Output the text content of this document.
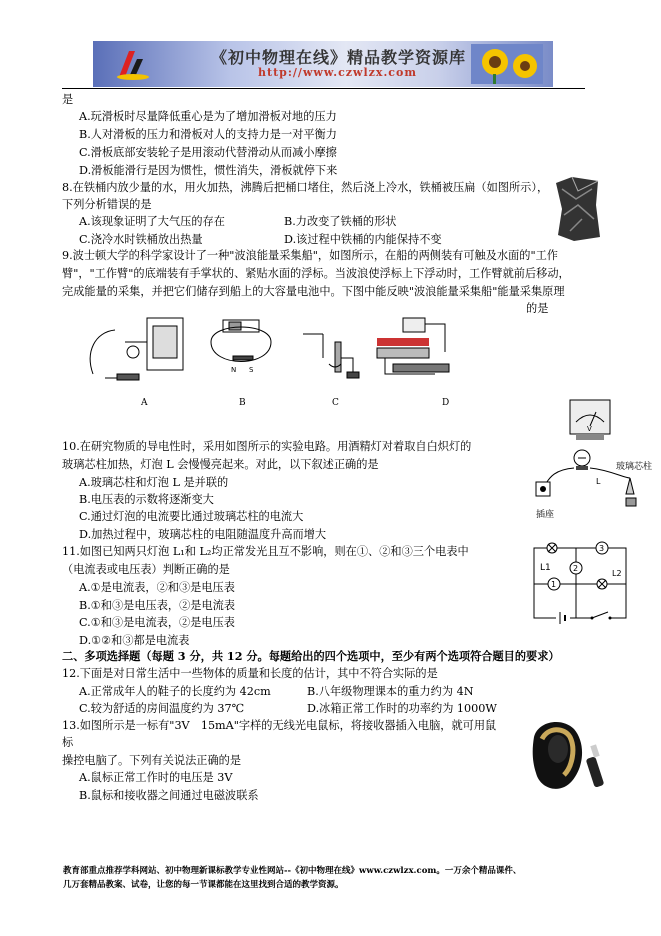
《初中物理在线》精品教学资源库
http://www.czwlzx.com
是
A.玩滑板时尽量降低重心是为了增加滑板对地的压力
B.人对滑板的压力和滑板对人的支持力是一对平衡力
C.滑板底部安装轮子是用滚动代替滑动从而减小摩擦
D.滑板能滑行是因为惯性，惯性消失，滑板就停下来
8.在铁桶内放少量的水，用火加热，沸腾后把桶口堵住，然后浇上冷水，铁桶被压扁（如图所示），
下列分析错误的是
A.该现象证明了大气压的存在	B.力改变了铁桶的形状
C.浇冷水时铁桶放出热量	D.该过程中铁桶的内能保持不变
9.波士顿大学的科学家设计了一种"波浪能量采集船"，如图所示，在船的两侧装有可触及水面的"工作
臂"，"工作臂"的底端装有手掌状的、紧贴水面的浮标。当波浪使浮标上下浮动时，工作臂就前后移动，
完成能量的采集，并把它们储存到船上的大容量电池中。下图中能反映"波浪能量采集船"能量采集原理
的是
N S
A	B	C	D
10.在研究物质的导电性时，采用如图所示的实验电路。用酒精灯对着取自白炽灯的
玻璃芯柱加热，灯泡 L 会慢慢亮起来。对此，以下叙述正确的是
A.玻璃芯柱和灯泡 L 是并联的
B.电压表的示数将逐渐变大
C.通过灯泡的电流要比通过玻璃芯柱的电流大
D.加热过程中，玻璃芯柱的电阻随温度升高而增大
V
L
玻璃芯柱
插座
11.如图已知两只灯泡 L₁和 L₂均正常发光且互不影响，则在①、②和③三个电表中
（电流表或电压表）判断正确的是
A.①是电流表，②和③是电压表
B.①和③是电压表，②是电流表
C.①和③是电流表，②是电压表
D.①②和③都是电流表
3
2
1
L1
L2
二、多项选择题（每题 3 分，共 12 分。每题给出的四个选项中，至少有两个选项符合题目的要求）
12.下面是对日常生活中一些物体的质量和长度的估计，其中不符合实际的是
A.正常成年人的鞋子的长度约为 42cm	B.八年级物理课本的重力约为 4N
C.较为舒适的房间温度约为 37℃	D.冰箱正常工作时的功率约为 1000W
13.如图所示是一标有"3V　15mA"字样的无线光电鼠标，将接收器插入电脑，就可用鼠
标
操控电脑了。下列有关说法正确的是
A.鼠标正常工作时的电压是 3V
B.鼠标和接收器之间通过电磁波联系
教育部重点推荐学科网站、初中物理新课标教学专业性网站--《初中物理在线》www.czwlzx.com。一万余个精品课件、
几万套精品教案、试卷，让您的每一节课都能在这里找到合适的教学资源。
